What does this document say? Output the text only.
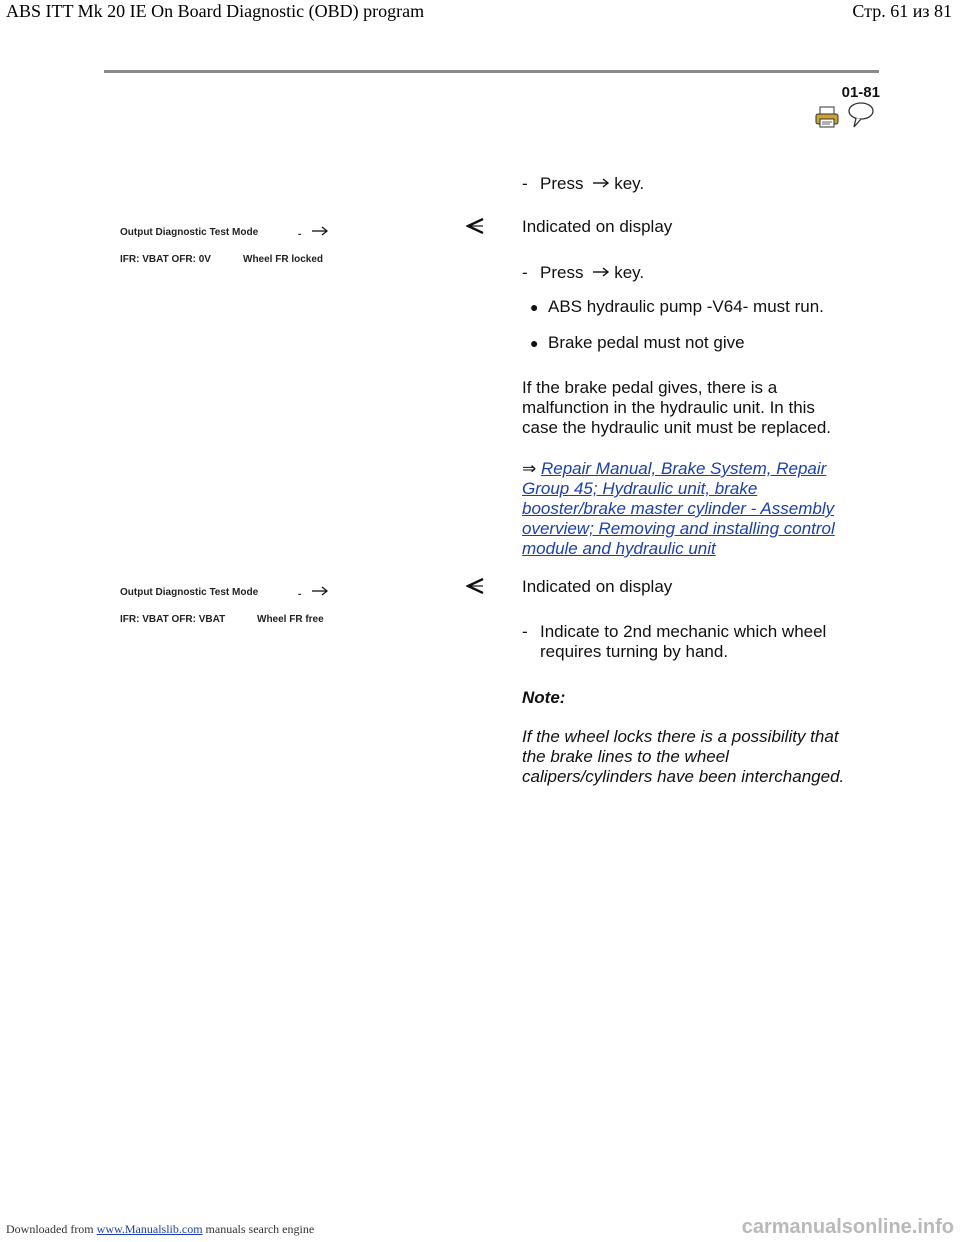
ABS ITT Mk 20 IE On Board Diagnostic (OBD) program	Стр. 61 из 81
01-81
- Press key.
Output Diagnostic Test Mode	-
IFR: VBAT OFR: 0V	Wheel FR locked
Indicated on display
- Press key.
● ABS hydraulic pump -V64- must run.
● Brake pedal must not give
If the brake pedal gives, there is a
malfunction in the hydraulic unit. In this
case the hydraulic unit must be replaced.
⇒ Repair Manual, Brake System, Repair
Group 45; Hydraulic unit, brake
booster/brake master cylinder - Assembly
overview; Removing and installing control
module and hydraulic unit
Output Diagnostic Test Mode	-
IFR: VBAT OFR: VBAT	Wheel FR free
Indicated on display
- Indicate to 2nd mechanic which wheel
requires turning by hand.
Note:
If the wheel locks there is a possibility that
the brake lines to the wheel
calipers/cylinders have been interchanged.
Downloaded from www.Manualslib.com manuals search engine	carmanualsonline.info
